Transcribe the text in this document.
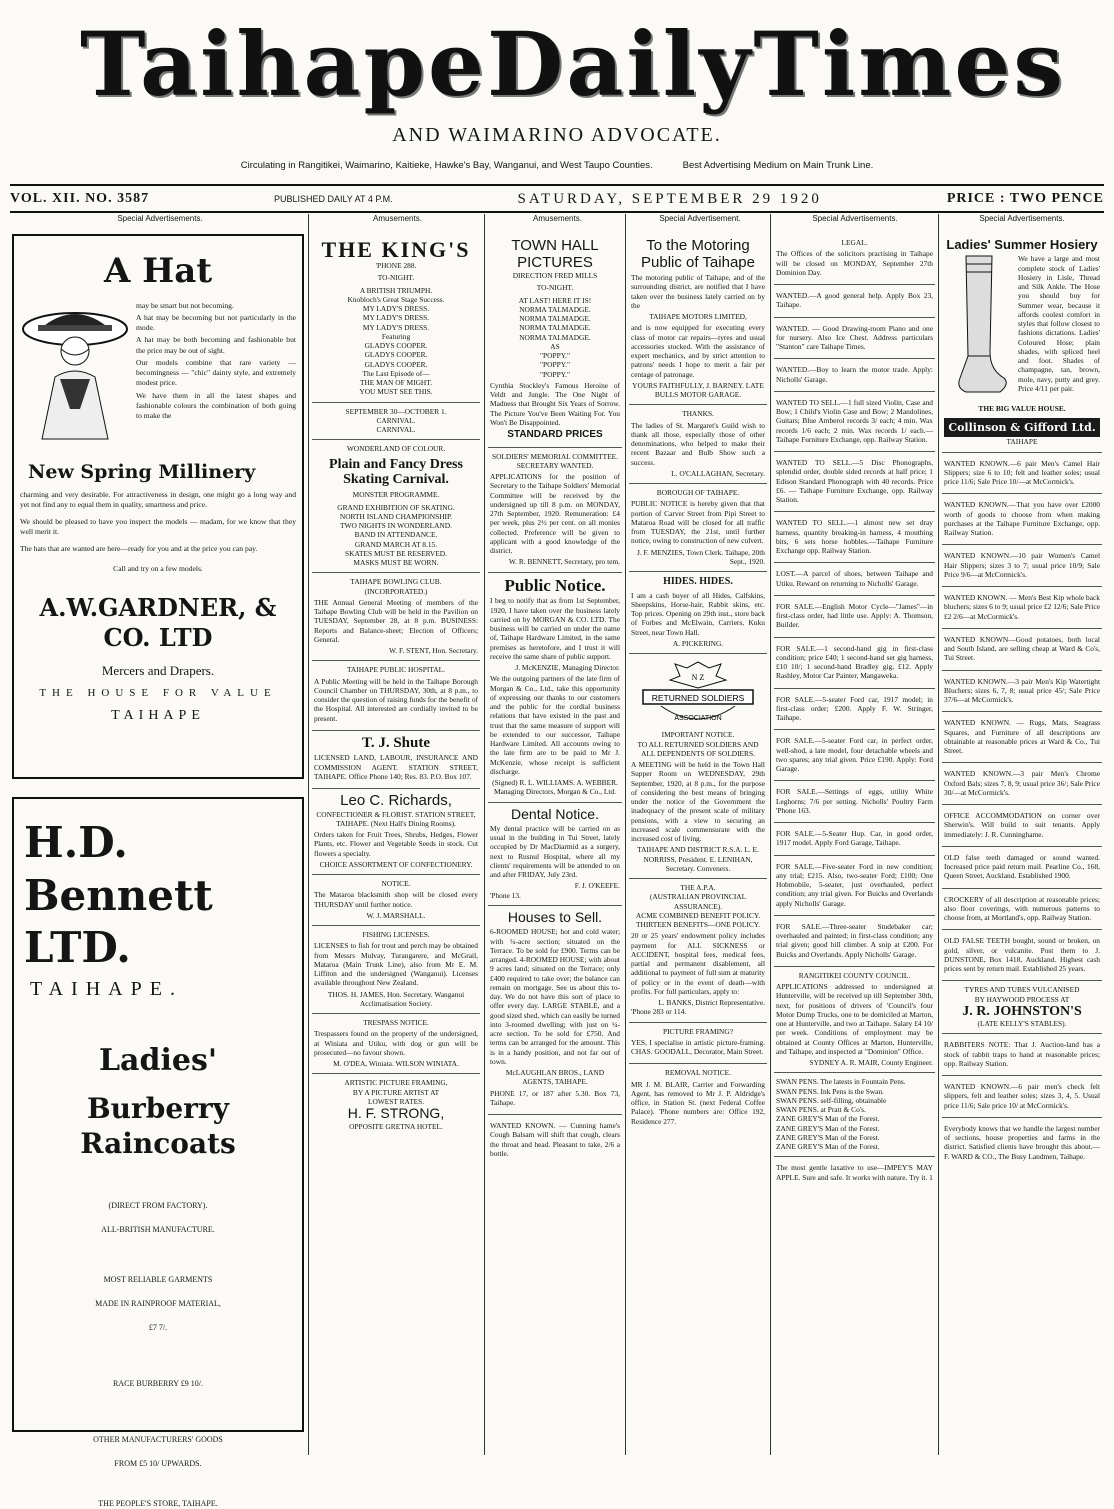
Taihape Daily Times
AND WAIMARINO ADVOCATE.
Circulating in Rangitikei, Waimarino, Kaitieke, Hawke's Bay, Wanganui, and West Taupo Counties.	Best Advertising Medium on Main Trunk Line.
VOL. XII. NO. 3587	PUBLISHED DAILY AT 4 P.M.	SATURDAY, SEPTEMBER 29 1920	PRICE : TWO PENCE
Special Advertisements.	Amusements.	Amusements.	Special Advertisement.	Special Advertisements.	Special Advertisements.
A Hat

may be smart but not becoming.

A hat may be becoming but not particularly in the mode.

A hat may be both becoming and fashionable but the price may be out of sight.

Our models combine that rare variety — becomingness — "chic" dainty style, and extremely modest price.

We have them in all the latest shapes and fashionable colours the combination of both going to make the

New Spring Millinery

charming and very desirable. For attractiveness in design, one might go a long way and yet not find any to equal them in quality, smartness and price.

We should be pleased to have you inspect the models — madam, for we know that they well merit it.

The hats that are wanted are here—ready for you and at the price you can pay.

Call and try on a few models.
A.W.GARDNER, & CO. LTD
Mercers and Drapers.
THE HOUSE FOR VALUE
TAIHAPE
H.D. Bennett LTD.
TAIHAPE.
Ladies'
Burberry Raincoats
(DIRECT FROM FACTORY).
ALL-BRITISH MANUFACTURE.
MOST RELIABLE GARMENTS
MADE IN RAINPROOF MATERIAL,
£7 7/.
RACE BURBERRY £9 10/.
OTHER MANUFACTURERS' GOODS
FROM £5 10/ UPWARDS.
THE PEOPLE'S STORE, TAIHAPE.
THE KING'S
'PHONE 288.
TO-NIGHT.
A BRITISH TRIUMPH.
Knobloch's Great Stage Success.
MY LADY'S DRESS.
MY LADY'S DRESS.
MY LADY'S DRESS.
Featuring
GLADYS COOPER.
GLADYS COOPER.
GLADYS COOPER.
The Last Episode of—
THE MAN OF MIGHT.
YOU MUST SEE THIS.
SEPTEMBER 30—OCTOBER 1.
CARNIVAL.
CARNIVAL.
WONDERLAND OF COLOUR.
Plain and Fancy Dress Skating Carnival.
MONSTER PROGRAMME.
GRAND EXHIBITION OF SKATING.
NORTH ISLAND CHAMPIONSHIP.
TWO NIGHTS IN WONDERLAND.
BAND IN ATTENDANCE.
GRAND MARCH AT 8.15.
SKATES MUST BE RESERVED.
MASKS MUST BE WORN.
TAIHAPE BOWLING CLUB.
(INCORPORATED.)

THE Annual General Meeting of members of the Taihape Bowling Club will be held in the Pavilion on TUESDAY, September 28, at 8 p.m. BUSINESS: Reports and Balance-sheet; Election of Officers; General.

W. F. STENT, Hon. Secretary.
TAIHAPE PUBLIC HOSPITAL.

A Public Meeting will be held in the Taihape Borough Council Chamber on THURSDAY, 30th, at 8 p.m., to consider the question of raising funds for the benefit of the Hospital. All interested are cordially invited to be present.

T. J. Shute

LICENSED LAND, LABOUR, INSURANCE AND COMMISSION AGENT. STATION STREET, TAIHAPE. Office Phone 140; Res. 83. P.O. Box 107.

Leo C. Richards,
CONFECTIONER & FLORIST. STATION STREET, TAIHAPE. (Next Hall's Dining Rooms).

Orders taken for Fruit Trees, Shrubs, Hedges, Flower Plants, etc. Flower and Vegetable Seeds in stock. Cut flowers a specialty.

CHOICE ASSORTMENT OF CONFECTIONERY.
NOTICE.

The Mataroa blacksmith shop will be closed every THURSDAY until further notice.

W. J. MARSHALL.
FISHING LICENSES.

LICENSES to fish for trout and perch may be obtained from Messrs Mulvay, Turangarere, and McGrail, Mataroa (Main Trunk Line), also from Mr E. M. Liffiton and the undersigned (Wanganui). Licenses available throughout New Zealand.

THOS. H. JAMES, Hon. Secretary. Wanganui Acclimatisation Society.
TRESPASS NOTICE.

Trespassers found on the property of the undersigned, at Winiata and Utiku, with dog or gun will be prosecuted—no favour shown.

M. O'DEA, Winiata. WILSON WINIATA.
ARTISTIC PICTURE FRAMING,
BY A PICTURE ARTIST AT
LOWEST RATES.
H. F. STRONG,
OPPOSITE GRETNA HOTEL.
TOWN HALL PICTURES
DIRECTION FRED MILLS
TO-NIGHT.
AT LAST! HERE IT IS!
NORMA TALMADGE.
NORMA TALMADGE.
NORMA TALMADGE.
NORMA TALMADGE.
AS
"POPPY."
"POPPY."
"POPPY."

Cynthia Stockley's Famous Heroine of Veldt and Jungle. The One Night of Madness that Brought Six Years of Sorrow. The Picture You've Been Waiting For. You Won't Be Disappointed.

STANDARD PRICES
SOLDIERS' MEMORIAL COMMITTEE.
SECRETARY WANTED.

APPLICATIONS for the position of Secretary to the Taihape Soldiers' Memorial Committee will be received by the undersigned up till 8 p.m. on MONDAY, 27th September, 1920. Remuneration: £4 per week, plus 2½ per cent. on all monies collected. Preference will be given to applicant with a good knowledge of the district.

W. R. BENNETT, Secretary, pro tem.
Public Notice.

I beg to notify that as from 1st September, 1920, I have taken over the business lately carried on by MORGAN & CO. LTD. The business will be carried on under the name of, Taihape Hardware Limited, in the same premises as heretofore, and I trust it will receive the same share of public support.

J. McKENZIE, Managing Director.

We the outgoing partners of the late firm of Morgan & Co., Ltd., take this opportunity of expressing our thanks to our customers and the public for the cordial business relations that have existed in the past and trust that the same measure of support will be extended to our successor, Taihape Hardware Limited. All accounts owing to the late firm are to be paid to Mr J. McKenzie, whose receipt is sufficient discharge.

(Signed) R. L. WILLIAMS. A. WEBBER. Managing Directors, Morgan & Co., Ltd.
Dental Notice.

My dental practice will be carried on as usual in the building in Tui Street, lately occupied by Dr MacDiarmid as a surgery, next to Rusnul Hospital, where all my clients' requirements will be attended to on and after FRIDAY, July 23rd.

F. J. O'KEEFE.
'Phone 13.
Houses to Sell.

6-ROOMED HOUSE; hot and cold water; with ¼-acre section; situated on the Terrace. To be sold for £900. Terms can be arranged. 4-ROOMED HOUSE; with about 9 acres land; situated on the Terrace; only £400 required to take over; the balance can remain on mortgage. See us about this to-day. We do not have this sort of place to offer every day. LARGE STABLE, and a good sized shed, which can easily be turned into 3-roomed dwelling; with just on ¼-acre section. To be sold for £750. And terms can be arranged for the amount. This is in a handy position, and not far out of town.

McLAUGHLAN BROS., LAND AGENTS, TAIHAPE.

PHONE 17, or 187 after 5.30. Box 73, Taihape.

WANTED KNOWN. — Cunning hame's Cough Balsam will shift that cough, clears the throat and head. Pleasant to take, 2/6 a bottle.

To the Motoring Public of Taihape

The motoring public of Taihape, and of the surrounding district, are notified that I have taken over the business lately carried on by the

TAIHAPE MOTORS LIMITED,

and is now equipped for executing every class of motor car repairs—tyres and usual accessories stocked. With the assistance of expert mechanics, and by strict attention to patrons' needs I hope to merit a fair per centage of patronage.

YOURS FAITHFULLY, J. BARNEY. LATE BULLS MOTOR GARAGE.
THANKS.

The ladies of St. Margaret's Guild wish to thank all those, especially those of other denominations, who helped to make their recent Bazaar and Bulb Show such a success.

L. O'CALLAGHAN, Secretary.
BOROUGH OF TAIHAPE.

PUBLIC NOTICE is hereby given that that portion of Carver Street from Pipi Street to Mataroa Road will be closed for all traffic from TUESDAY, the 21st, until further notice, owing to construction of new culvert.

J. F. MENZIES, Town Clerk. Taihape, 20th Sept., 1920.
HIDES. HIDES.

I am a cash buyer of all Hides, Calfskins, Sheepskins, Horse-hair, Rabbit skins, etc. Top prices. Opening on 29th inst., store back of Forbes and McElwain, Carriers, Kuku Street, near Town Hall.

A. PICKERING.
N Z
RETURNED SOLDIERS
ASSOCIATION
IMPORTANT NOTICE.
TO ALL RETURNED SOLDIERS AND ALL DEPENDENTS OF SOLDIERS.

A MEETING will be held in the Town Hall Supper Room on WEDNESDAY, 29th September, 1920, at 8 p.m., for the purpose of considering the best means of bringing under the notice of the Government the inadequacy of the present scale of military pensions, with a view to securing an increased scale commensurate with the increased cost of living.

TAIHAPE AND DISTRICT R.S.A. L. E. NORRISS, President. E. LENIHAN, Secretary. Conveners.
THE A.P.A.
(AUSTRALIAN PROVINCIAL ASSURANCE).
ACME COMBINED BENEFIT POLICY.
THIRTEEN BENEFITS—ONE POLICY.

20 or 25 years' endowment policy includes payment for ALL SICKNESS or ACCIDENT, hospital fees, medical fees, partial and permanent disablement, all additional to payment of full sum at maturity of policy or in the event of death—with profits. For full particulars, apply to:

L. BANKS, District Representative.
'Phone 283 or 114.
PICTURE FRAMING?

YES, I specialise in artistic picture-framing. CHAS. GOODALL, Decorator, Main Street.

REMOVAL NOTICE.

MR J. M. BLAIR, Carrier and Forwarding Agent, has removed to Mr J. P. Aldridge's office, in Station St. (next Federal Coffee Palace). 'Phone numbers are: Office 192, Residence 277.

LEGAL.

The Offices of the solicitors practising in Taihape will be closed on MONDAY, September 27th Dominion Day.

WANTED.—A good general help. Apply Box 23, Taihape.

WANTED. — Good Drawing-room Piano and one for nursery. Also Ice Chest. Address particulars "Stanton" care Taihape Times.

WANTED.—Boy to learn the motor trade. Apply: Nicholls' Garage.

WANTED TO SELL.—1 full sized Violin, Case and Bow; 1 Child's Violin Case and Bow; 2 Mandolines, Guitars; Blue Amberol records 3/ each; 4 min. Wax records 1/6 each; 2 min. Wax records 1/ each.—Taihape Furniture Exchange, opp. Railway Station.

WANTED TO SELL.—5 Disc Phonographs, splendid order, double sided records at half price; 1 Edison Standard Phonograph with 40 records. Price £6. — Taihape Furniture Exchange, opp. Railway Station.

WANTED TO SELL.—1 almost new set dray harness, quantity breaking-in harness, 4 mouthing bits, 6 sets horse hobbles.—Taihape Furniture Exchange opp. Railway Station.

LOST.—A parcel of shoes, between Taihape and Utiku. Reward on returning to Nicholls' Garage.

FOR SALE.—English Motor Cycle—"James"—in first-class order, had little use. Apply: A. Thomson, Builder.

FOR SALE.—1 second-hand gig in first-class condition; price £40; 1 second-hand set gig harness, £10 10/; 1 second-hand Bradley gig, £12. Apply Rashley, Motor Car Painter, Mangaweka.

FOR SALE.—5-seater Ford car, 1917 model; in first-class order; £200. Apply F. W. Stringer, Taihape.

FOR SALE.—5-seater Ford car, in perfect order, well-shod, a late model, four detachable wheels and two spares; any trial given. Price £190. Apply: Ford Garage.

FOR SALE.—Settings of eggs, utility White Leghorns; 7/6 per setting. Nicholls' Poultry Farm 'Phone 163.

FOR SALE.—5-Seater Hup. Car, in good order, 1917 model. Apply Ford Garage, Taihape.

FOR SALE.—Five-seater Ford in new condition; any trial; £215. Also, two-seater Ford; £100; One Hobmobile, 5-seater, just overhauled, perfect condition; any trial given. For Buicks and Overlands apply Nicholls' Garage.

FOR SALE.—Three-seater Studebaker car; overhauled and painted; in first-class condition; any trial given; good hill climber. A snip at £200. For Buicks and Overlands. Apply Nicholls' Garage.

RANGITIKEI COUNTY COUNCIL.

APPLICATIONS addressed to undersigned at Hunterville, will be received up till September 30th, next, for positions of drivers of 'Council's four Motor Dump Trucks, one to be domiciled at Marton, one at Hunterville, and two at Taihape. Salary £4 10/ per week. Conditions of employment may be obtained at County Offices at Marton, Hunterville, and Taihape, and inspected at "Dominion" Office.

SYDNEY A. R. MAIR, County Engineer.
SWAN PENS. The latests in Fountain Pens.
SWAN PENS. Ink Pens is the Swan.
SWAN PENS. self-filling, obtainable
SWAN PENS. at Pratt & Co's.
ZANE GREY'S Man of the Forest.
ZANE GREY'S Man of the Forest.
ZANE GREY'S Man of the Forest.
ZANE GREY'S Man of the Forest.

The most gentle laxative to use—IMPEY'S MAY APPLE. Sure and safe. It works with nature. Try it. 1

Ladies' Summer Hosiery

We have a large and most complete stock of Ladies' Hosiery in Lisle, Thread and Silk Ankle. The Hose you should buy for Summer wear, because it affords coolest comfort in styles that follow closest to fashions dictations. Ladies' Coloured Hose; plain shades, with spliced heel and foot. Shades of champagne, tan, brown, mole, navy, putty and grey. Price 4/11 per pair.

THE BIG VALUE HOUSE.
Collinson & Gifford Ltd.
TAIHAPE

WANTED KNOWN.—6 pair Men's Camel Hair Slippers; size 6 to 10; felt and leather soles; usual price 11/6; Sale Price 10/—at McCormick's.

WANTED KNOWN.—That you have over £2000 worth of goods to choose from when making purchases at the Taihape Furniture Exchange, opp. Railway Station.

WANTED KNOWN.—10 pair Women's Camel Hair Slippers; sizes 3 to 7; usual price 10/9; Sale Price 9/6—at McCormick's.

WANTED KNOWN. — Men's Best Kip whole back bluchers; sizes 6 to 9; usual price £2 12/6; Sale Price £2 2/6—at McCormick's.

WANTED KNOWN—Good potatoes, both local and South Island, are selling cheap at Ward & Co's, Tui Street.

WANTED KNOWN.—3 pair Men's Kip Watertight Bluchers; sizes 6, 7, 8; usual price 45/; Sale Price 37/6—at McCormick's.

WANTED KNOWN. — Rugs, Mats, Seagrass Squares, and Furniture of all descriptions are obtainable at reasonable prices at Ward & Co., Tui Street.

WANTED KNOWN.—3 pair Men's Chrome Oxford Bals; sizes 7, 8, 9; usual price 36/; Sale Price 30/—at McCormick's.

OFFICE ACCOMMODATION on corner over Sherwin's. Will build to suit tenants. Apply immediately: J. R. Cunninghame.

OLD false teeth damaged or sound wanted. Increased price paid return mail. Pearline Co., 168, Queen Street, Auckland. Established 1900.

CROCKERY of all description at reasonable prices; also floor coverings, with numerous patterns to choose from, at Mortland's, opp. Railway Station.

OLD FALSE TEETH bought, sound or broken, on gold, silver, or vulcanite. Post them to J. DUNSTONE, Box 1418, Auckland. Highest cash prices sent by return mail. Established 25 years.

TYRES AND TUBES VULCANISED
BY HAYWOOD PROCESS AT
J. R. JOHNSTON'S
(LATE KELLY'S STABLES).

RABBITERS NOTE: That J. Auction-land has a stock of rabbit traps to hand at reasonable prices; opp. Railway Station.

WANTED KNOWN.—6 pair men's check felt slippers, felt and leather soles; sizes 3, 4, 5. Usual price 11/6; Sale price 10/ at McCormick's.

Everybody knows that we handle the largest number of sections, house properties and farms in the district. Satisfied clients have brought this about.—F. WARD & CO., The Busy Landmen, Taihape.
